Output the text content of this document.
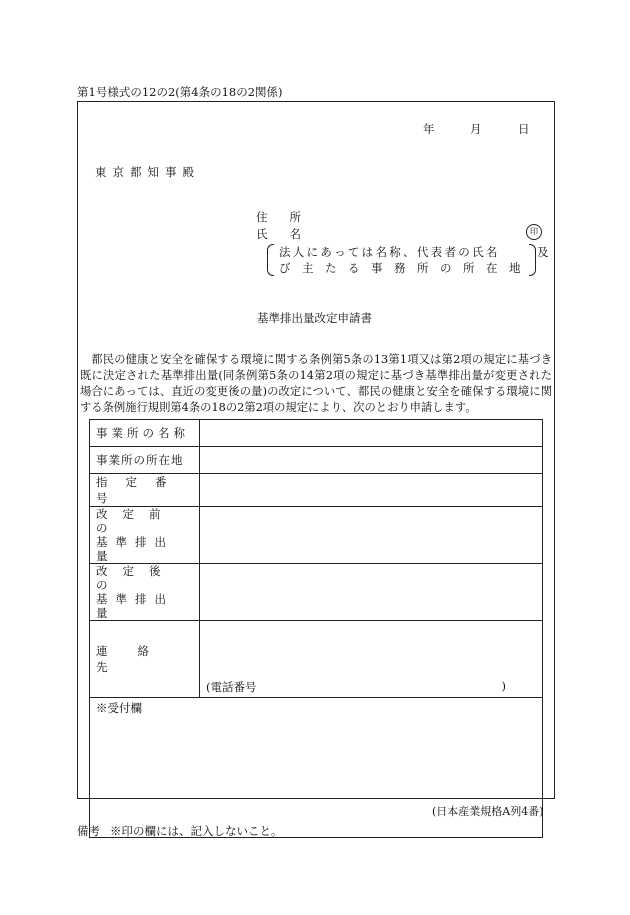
第1号様式の12の2(第4条の18の2関係)
年	月	日
東京都知事殿
住所
氏名	印
法人にあっては名称、代表者の氏名
び主たる事務所の所在地
及
基準排出量改定申請書
都民の健康と安全を確保する環境に関する条例第5条の13第1項又は第2項の規定に基づき既に決定された基準排出量(同条例第5条の14第2項の規定に基づき基準排出量が変更された場合にあっては、直近の変更後の量)の改定について、都民の健康と安全を確保する環境に関する条例施行規則第4条の18の2第2項の規定により、次のとおり申請します。
事業所の名称	
事業所の所在地	
指定番号	

改定前の
基準排出量	

改定後の
基準排出量	

連絡先	(電話番号 )

※受付欄	
(日本産業規格A列4番)
備考 ※印の欄には、記入しないこと。
